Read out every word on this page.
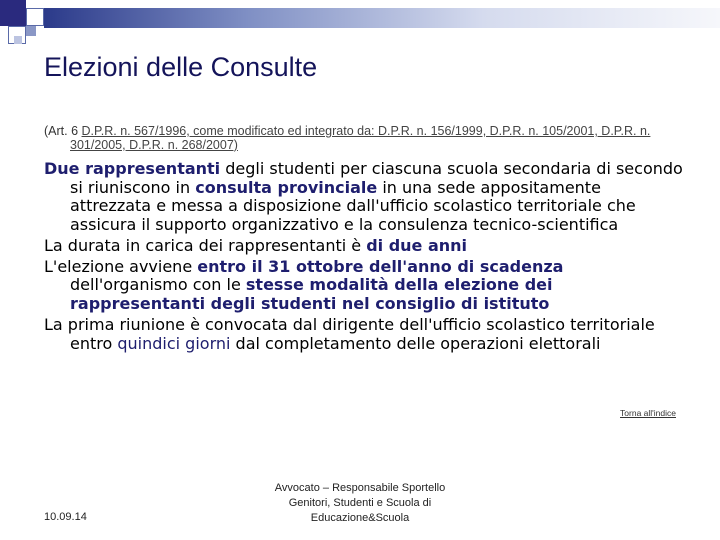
Elezioni delle Consulte
(Art. 6 D.P.R. n. 567/1996, come modificato ed integrato da: D.P.R. n. 156/1999, D.P.R. n. 105/2001, D.P.R. n. 301/2005, D.P.R. n. 268/2007)

Due rappresentanti degli studenti per ciascuna scuola secondaria di secondo si riuniscono in consulta provinciale in una sede appositamente attrezzata e messa a disposizione dall'ufficio scolastico territoriale che assicura il supporto organizzativo e la consulenza tecnico-scientifica

La durata in carica dei rappresentanti è di due anni

L'elezione avviene entro il 31 ottobre dell'anno di scadenza dell'organismo con le stesse modalità della elezione dei rappresentanti degli studenti nel consiglio di istituto

La prima riunione è convocata dal dirigente dell'ufficio scolastico territoriale entro quindici giorni dal completamento delle operazioni elettorali

Torna all'indice
10.09.14
Avvocato – Responsabile Sportello
Genitori, Studenti e Scuola di
Educazione&Scuola
